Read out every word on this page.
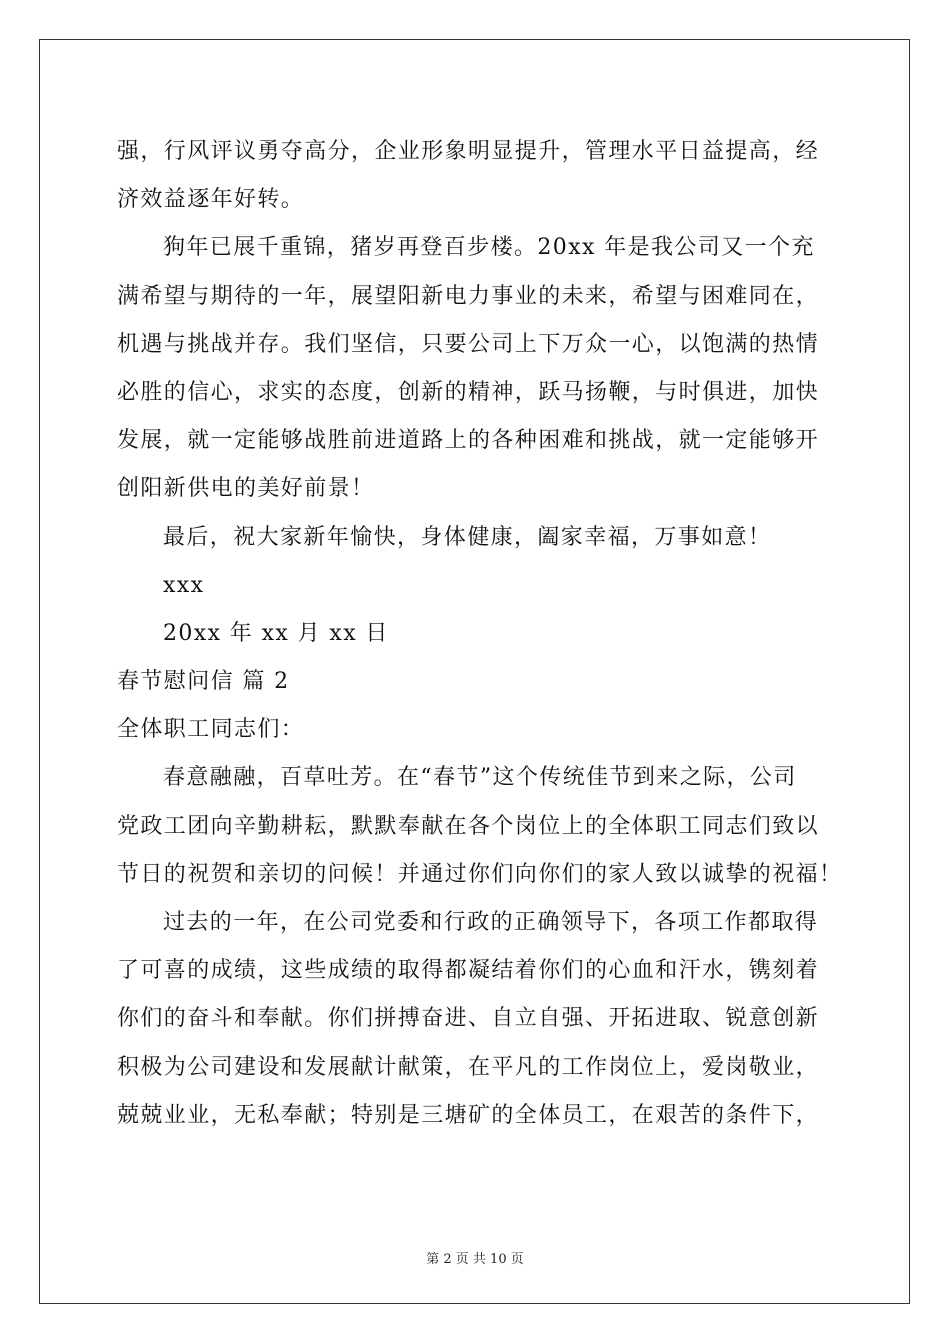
强，行风评议勇夺高分，企业形象明显提升，管理水平日益提高，经
济效益逐年好转。
狗年已展千重锦，猪岁再登百步楼。20xx 年是我公司又一个充
满希望与期待的一年，展望阳新电力事业的未来，希望与困难同在，
机遇与挑战并存。我们坚信，只要公司上下万众一心，以饱满的热情
必胜的信心，求实的态度，创新的精神，跃马扬鞭，与时俱进，加快
发展，就一定能够战胜前进道路上的各种困难和挑战，就一定能够开
创阳新供电的美好前景！
最后，祝大家新年愉快，身体健康，阖家幸福，万事如意！
xxx
20xx 年 xx 月 xx 日
春节慰问信 篇 2
全体职工同志们：
春意融融，百草吐芳。在“春节”这个传统佳节到来之际，公司
党政工团向辛勤耕耘，默默奉献在各个岗位上的全体职工同志们致以
节日的祝贺和亲切的问候！并通过你们向你们的家人致以诚挚的祝福！
过去的一年，在公司党委和行政的正确领导下，各项工作都取得
了可喜的成绩，这些成绩的取得都凝结着你们的心血和汗水，镌刻着
你们的奋斗和奉献。你们拼搏奋进、自立自强、开拓进取、锐意创新
积极为公司建设和发展献计献策，在平凡的工作岗位上，爱岗敬业，
兢兢业业，无私奉献；特别是三塘矿的全体员工，在艰苦的条件下，
第 2 页 共 10 页
